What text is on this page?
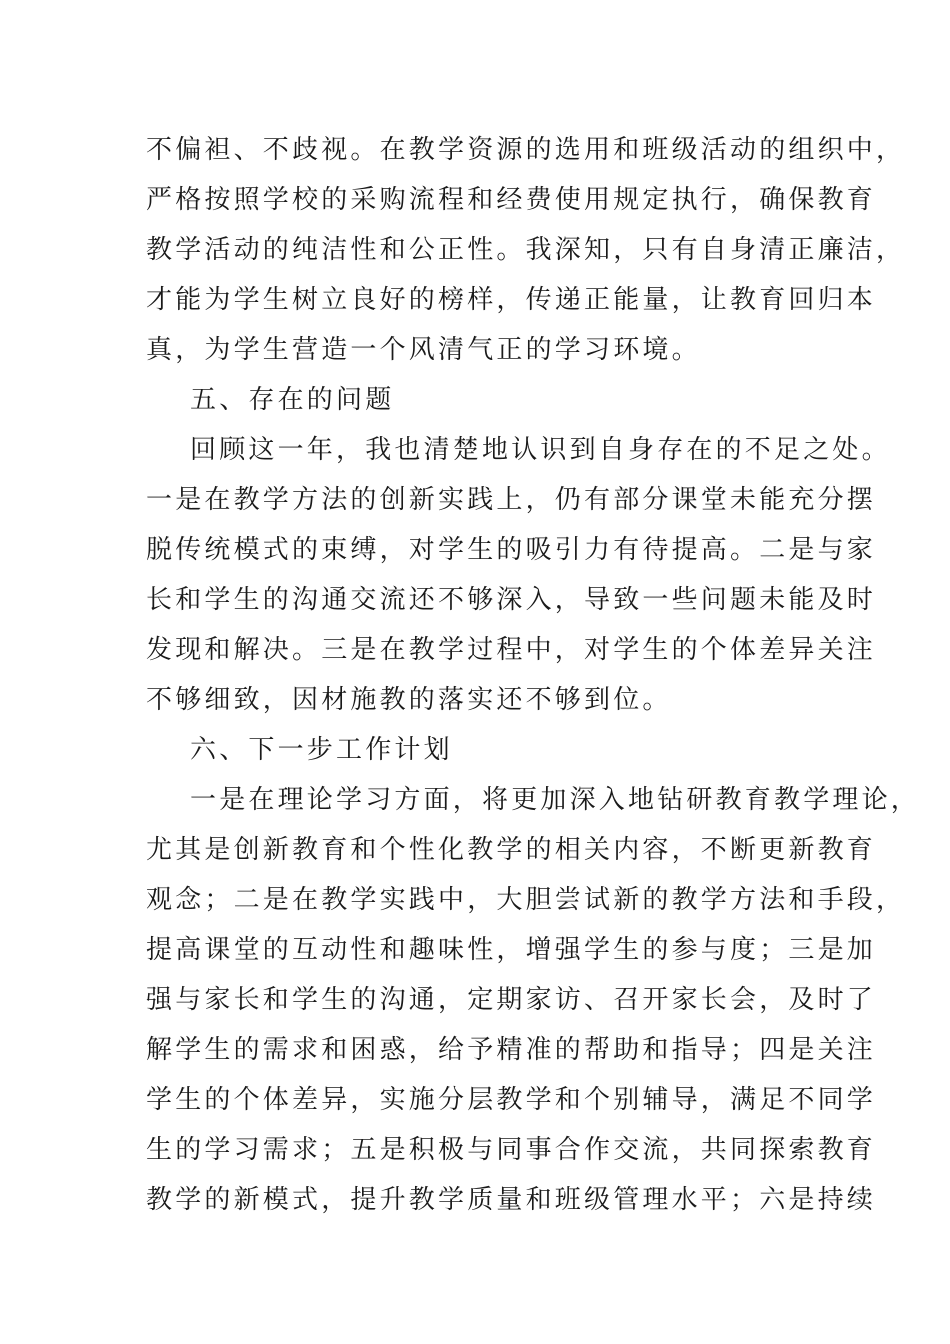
不偏袒、不歧视。在教学资源的选用和班级活动的组织中，
严格按照学校的采购流程和经费使用规定执行，确保教育
教学活动的纯洁性和公正性。我深知，只有自身清正廉洁，
才能为学生树立良好的榜样，传递正能量，让教育回归本
真，为学生营造一个风清气正的学习环境。
五、存在的问题
回顾这一年，我也清楚地认识到自身存在的不足之处。
一是在教学方法的创新实践上，仍有部分课堂未能充分摆
脱传统模式的束缚，对学生的吸引力有待提高。二是与家
长和学生的沟通交流还不够深入，导致一些问题未能及时
发现和解决。三是在教学过程中，对学生的个体差异关注
不够细致，因材施教的落实还不够到位。
六、下一步工作计划
一是在理论学习方面，将更加深入地钻研教育教学理论，
尤其是创新教育和个性化教学的相关内容，不断更新教育
观念；二是在教学实践中，大胆尝试新的教学方法和手段，
提高课堂的互动性和趣味性，增强学生的参与度；三是加
强与家长和学生的沟通，定期家访、召开家长会，及时了
解学生的需求和困惑，给予精准的帮助和指导；四是关注
学生的个体差异，实施分层教学和个别辅导，满足不同学
生的学习需求；五是积极与同事合作交流，共同探索教育
教学的新模式，提升教学质量和班级管理水平；六是持续
